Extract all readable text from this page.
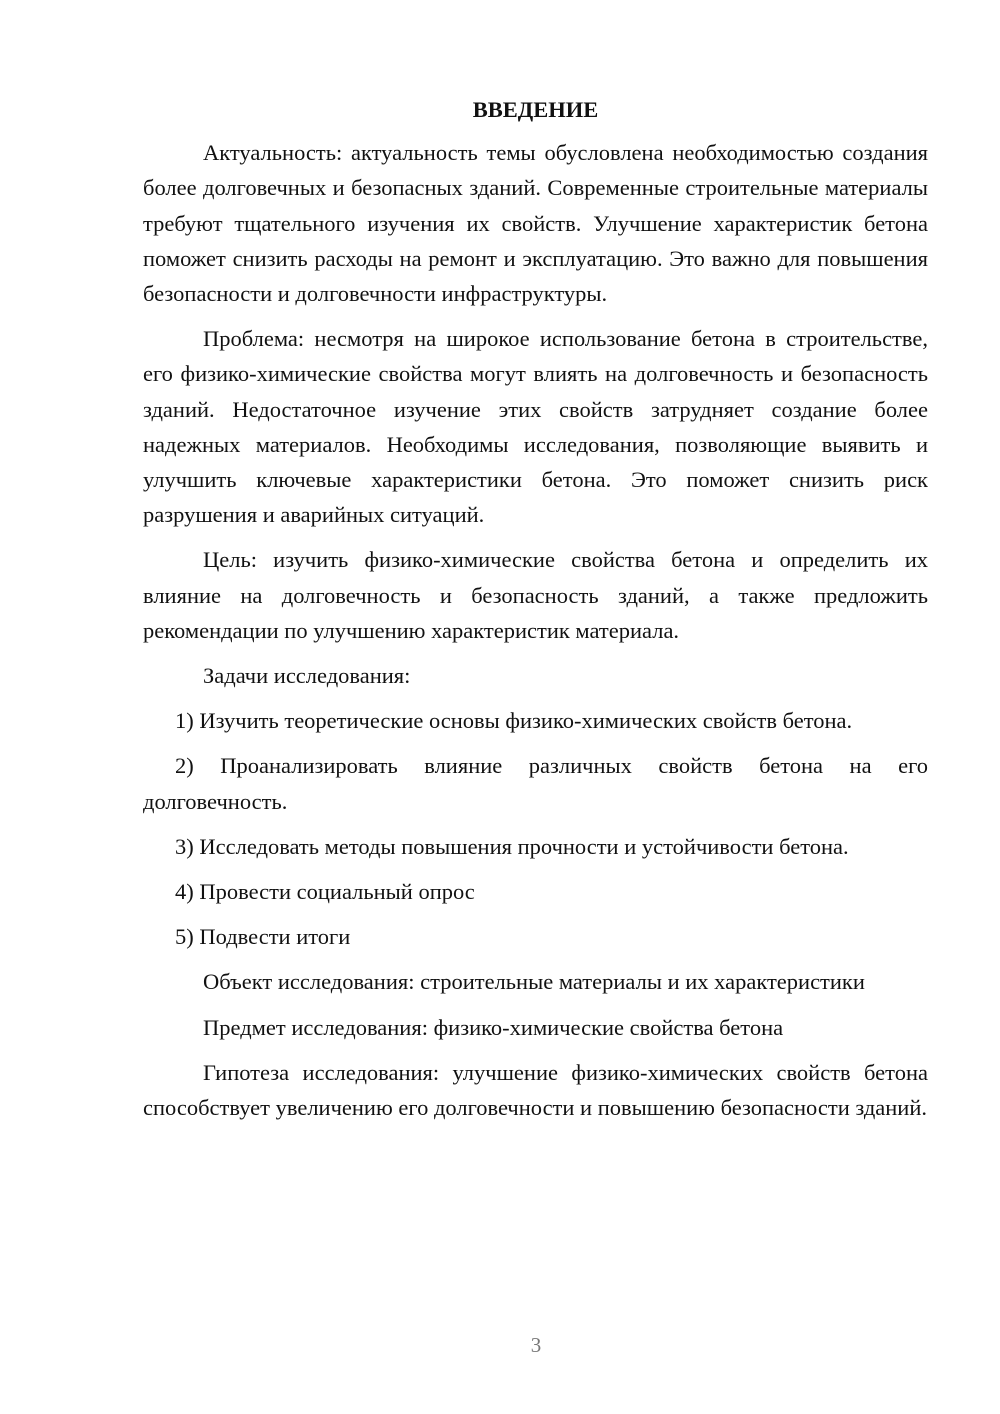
ВВЕДЕНИЕ

Актуальность: актуальность темы обусловлена необходимостью создания более долговечных и безопасных зданий. Современные строительные материалы требуют тщательного изучения их свойств. Улучшение характеристик бетона поможет снизить расходы на ремонт и эксплуатацию. Это важно для повышения безопасности и долговечности инфраструктуры.

Проблема: несмотря на широкое использование бетона в строительстве, его физико-химические свойства могут влиять на долговечность и безопасность зданий. Недостаточное изучение этих свойств затрудняет создание более надежных материалов. Необходимы исследования, позволяющие выявить и улучшить ключевые характеристики бетона. Это поможет снизить риск разрушения и аварийных ситуаций.

Цель: изучить физико-химические свойства бетона и определить их влияние на долговечность и безопасность зданий, а также предложить рекомендации по улучшению характеристик материала.

Задачи исследования:

1) Изучить теоретические основы физико-химических свойств бетона.

2) Проанализировать влияние различных свойств бетона на его долговечность.

3) Исследовать методы повышения прочности и устойчивости бетона.

4) Провести социальный опрос

5) Подвести итоги

Объект исследования: строительные материалы и их характеристики

Предмет исследования: физико-химические свойства бетона

Гипотеза исследования: улучшение физико-химических свойств бетона способствует увеличению его долговечности и повышению безопасности зданий.

3
